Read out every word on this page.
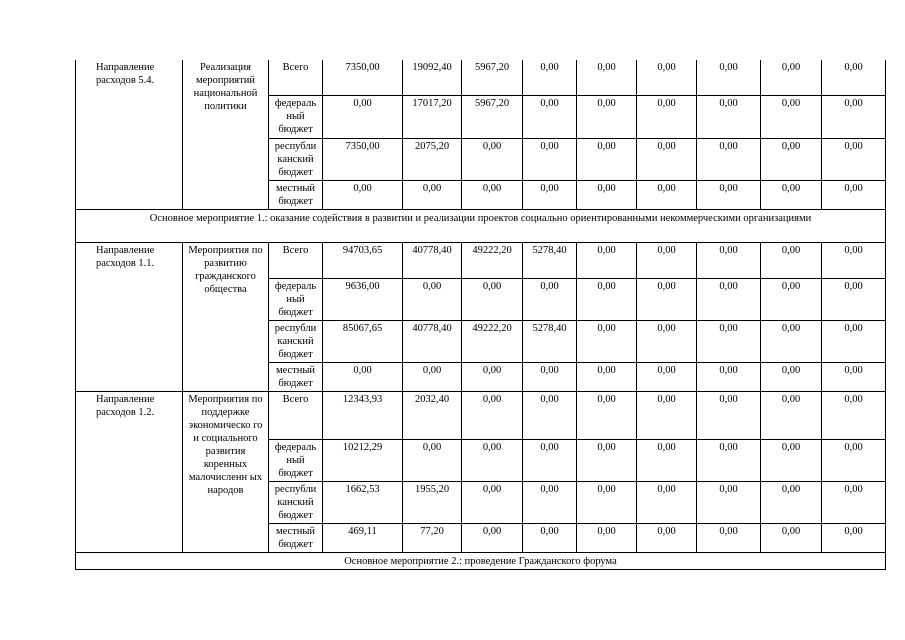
Направление расходов 5.4.	Реализация мероприятий национальной политики	Всего	7350,00	19092,40	5967,20	0,00	0,00	0,00	0,00	0,00	0,00
		федераль ный бюджет	0,00	17017,20	5967,20	0,00	0,00	0,00	0,00	0,00	0,00
		республи канский бюджет	7350,00	2075,20	0,00	0,00	0,00	0,00	0,00	0,00	0,00
		местный бюджет	0,00	0,00	0,00	0,00	0,00	0,00	0,00	0,00	0,00
Основное мероприятие 1.: оказание содействия в развитии и реализации проектов социально ориентированными некоммерческими организациями											
Направление расходов 1.1.	Мероприятия по развитию гражданского общества	Всего	94703,65	40778,40	49222,20	5278,40	0,00	0,00	0,00	0,00	0,00
		федераль ный бюджет	9636,00	0,00	0,00	0,00	0,00	0,00	0,00	0,00	0,00
		республи канский бюджет	85067,65	40778,40	49222,20	5278,40	0,00	0,00	0,00	0,00	0,00
		местный бюджет	0,00	0,00	0,00	0,00	0,00	0,00	0,00	0,00	0,00
Направление расходов 1.2.	Мероприятия по поддержке экономическо го и социального развития коренных малочисленн ых народов	Всего	12343,93	2032,40	0,00	0,00	0,00	0,00	0,00	0,00	0,00
		федераль ный бюджет	10212,29	0,00	0,00	0,00	0,00	0,00	0,00	0,00	0,00
		республи канский бюджет	1662,53	1955,20	0,00	0,00	0,00	0,00	0,00	0,00	0,00
		местный бюджет	469,11	77,20	0,00	0,00	0,00	0,00	0,00	0,00	0,00
Основное мероприятие 2.: проведение Гражданского форума											
